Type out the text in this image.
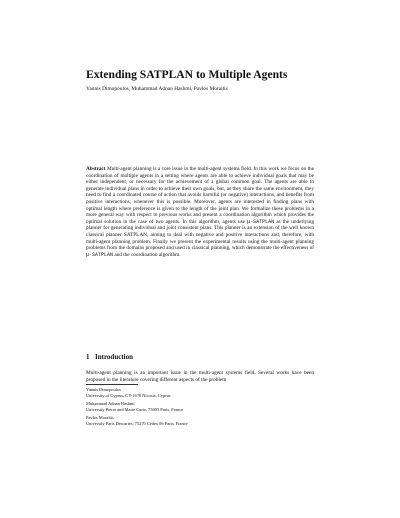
Extending SATPLAN to Multiple Agents

Yannis Dimopoulos, Muhammad Adnan Hashmi, Pavlos Moraitis

Abstract Multi-agent planning is a core issue in the multi-agent systems field. In this work we focus on the coordination of multiple agents in a setting where agents are able to achieve individual goals that may be either independent, or necessary for the achievement of a global common goal. The agents are able to generate individual plans in order to achieve their own goals, but, as they share the same environment, they need to find a coordinated course of action that avoids harmful (or negative) interactions, and benefits from positive interactions, whenever this is possible. Moreover, agents are interested in finding plans with optimal length where preference is given to the length of the joint plan. We formalize these problems in a more general way with respect to previous works and present a coordination algorithm which provides the optimal solution in the case of two agents. In this algorithm, agents use μ-SATPLAN as the underlying planner for generating individual and joint consistent plans. This planner is an extension of the well known classical planner SATPLAN, aiming to deal with negative and positive interactions and, therefore, with multi-agent planning problem. Finally we present the experimental results using the multi-agent planning problems from the domains proposed and used in classical planning, which demonstrate the effectiveness of μ-SATPLAN and the coordination algorithm.

1 Introduction

Multi-agent planning is an important issue in the multi-agent systems field. Several works have been proposed in the literature covering different aspects of the problem

Yannis Dimopoulos
University of Cyprus, CY-1678 Nicosia, Cyprus
Muhammad Adnan Hashmi
University Pierre and Marie Curie, 75005 Paris, France
Pavlos Moraïtis
University Paris Descartes, 75270 Cedex 06 Paris, France
